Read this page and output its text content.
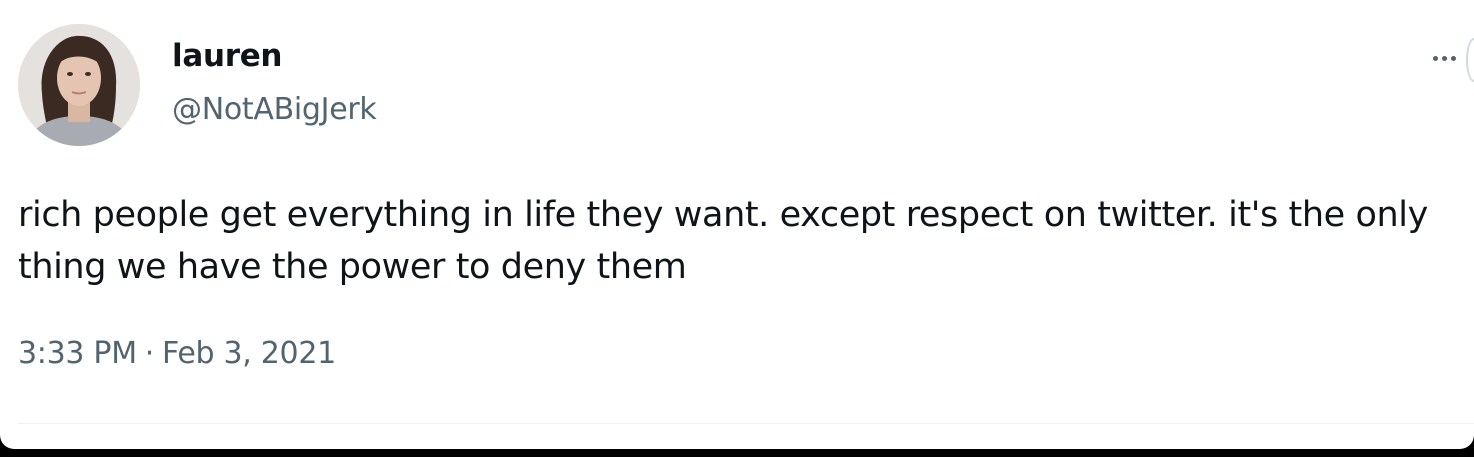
lauren
@NotABigJerk

rich people get everything in life they want. except respect on twitter. it's the only thing we have the power to deny them

3:33 PM · Feb 3, 2021
